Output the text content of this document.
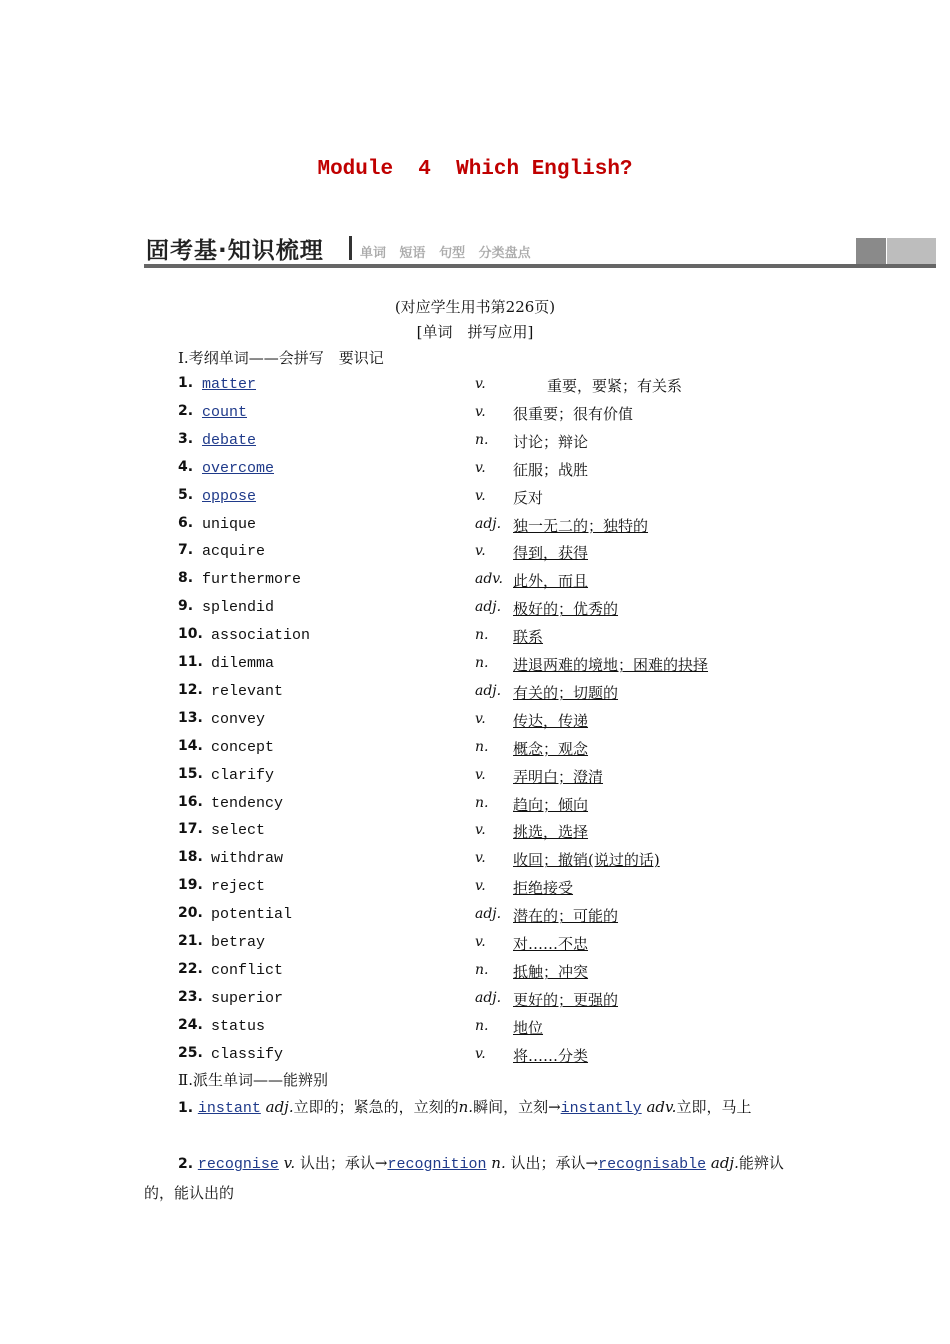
Module  4  Which English?
固考基·知识梳理	单词 短语 句型 分类盘点

(对应学生用书第226页)

[单词　拼写应用]

Ⅰ.考纲单词——会拼写　要识记

1. matter	v.	重要，要紧；有关系
2. count	v. 很重要；很有价值
3. debate	n. 讨论；辩论
4. overcome	v. 征服；战胜
5. oppose	v. 反对
6. unique	adj. 独一无二的；独特的
7. acquire	v. 得到，获得
8. furthermore	adv. 此外，而且
9. splendid	adj. 极好的；优秀的
10. association	n. 联系
11. dilemma	n. 进退两难的境地；困难的抉择
12. relevant	adj. 有关的；切题的
13. convey	v. 传达，传递
14. concept	n. 概念；观念
15. clarify	v. 弄明白；澄清
16. tendency	n. 趋向；倾向
17. select	v. 挑选，选择
18. withdraw	v. 收回；撤销(说过的话)
19. reject	v. 拒绝接受
20. potential	adj. 潜在的；可能的
21. betray	v. 对……不忠
22. conflict	n. 抵触；冲突
23. superior	adj. 更好的；更强的
24. status	n. 地位
25. classify	v. 将……分类

Ⅱ.派生单词——能辨别

1. instant adj.立即的；紧急的，立刻的n.瞬间，立刻→instantly adv.立即，马上

2. recognise v. 认出；承认→recognition n. 认出；承认→recognisable adj.能辨认的，能认出的
